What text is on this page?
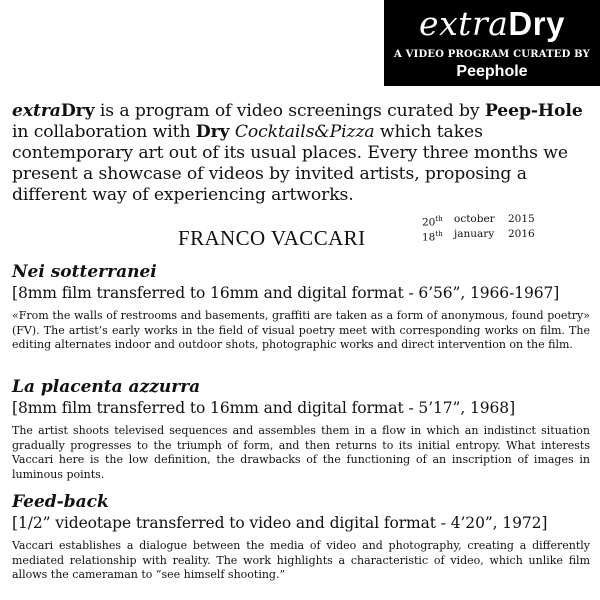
extraDry
A VIDEO PROGRAM CURATED BY
Peephole

extraDry is a program of video screenings curated by Peep-Hole in collaboration with Dry Cocktails&Pizza which takes contemporary art out of its usual places. Every three months we present a showcase of videos by invited artists, proposing a different way of experiencing artworks.

FRANCO VACCARI
20th	october	2015
18th	january	2016
Nei sotterranei
[8mm film transferred to 16mm and digital format - 6’56”, 1966-1967]

«From the walls of restrooms and basements, graffiti are taken as a form of anonymous, found poetry» (FV). The artist’s early works in the field of visual poetry meet with corresponding works on film. The editing alternates indoor and outdoor shots, photographic works and direct intervention on the film.

La placenta azzurra
[8mm film transferred to 16mm and digital format - 5’17”, 1968]

The artist shoots televised sequences and assembles them in a flow in which an indistinct situation gradually progresses to the triumph of form, and then returns to its initial entropy. What interests Vaccari here is the low definition, the drawbacks of the functioning of an inscription of images in luminous points.

Feed-back
[1/2” videotape transferred to video and digital format - 4’20”, 1972]

Vaccari establishes a dialogue between the media of video and photography, creating a differently mediated relationship with reality. The work highlights a characteristic of video, which unlike film allows the cameraman to “see himself shooting.”
